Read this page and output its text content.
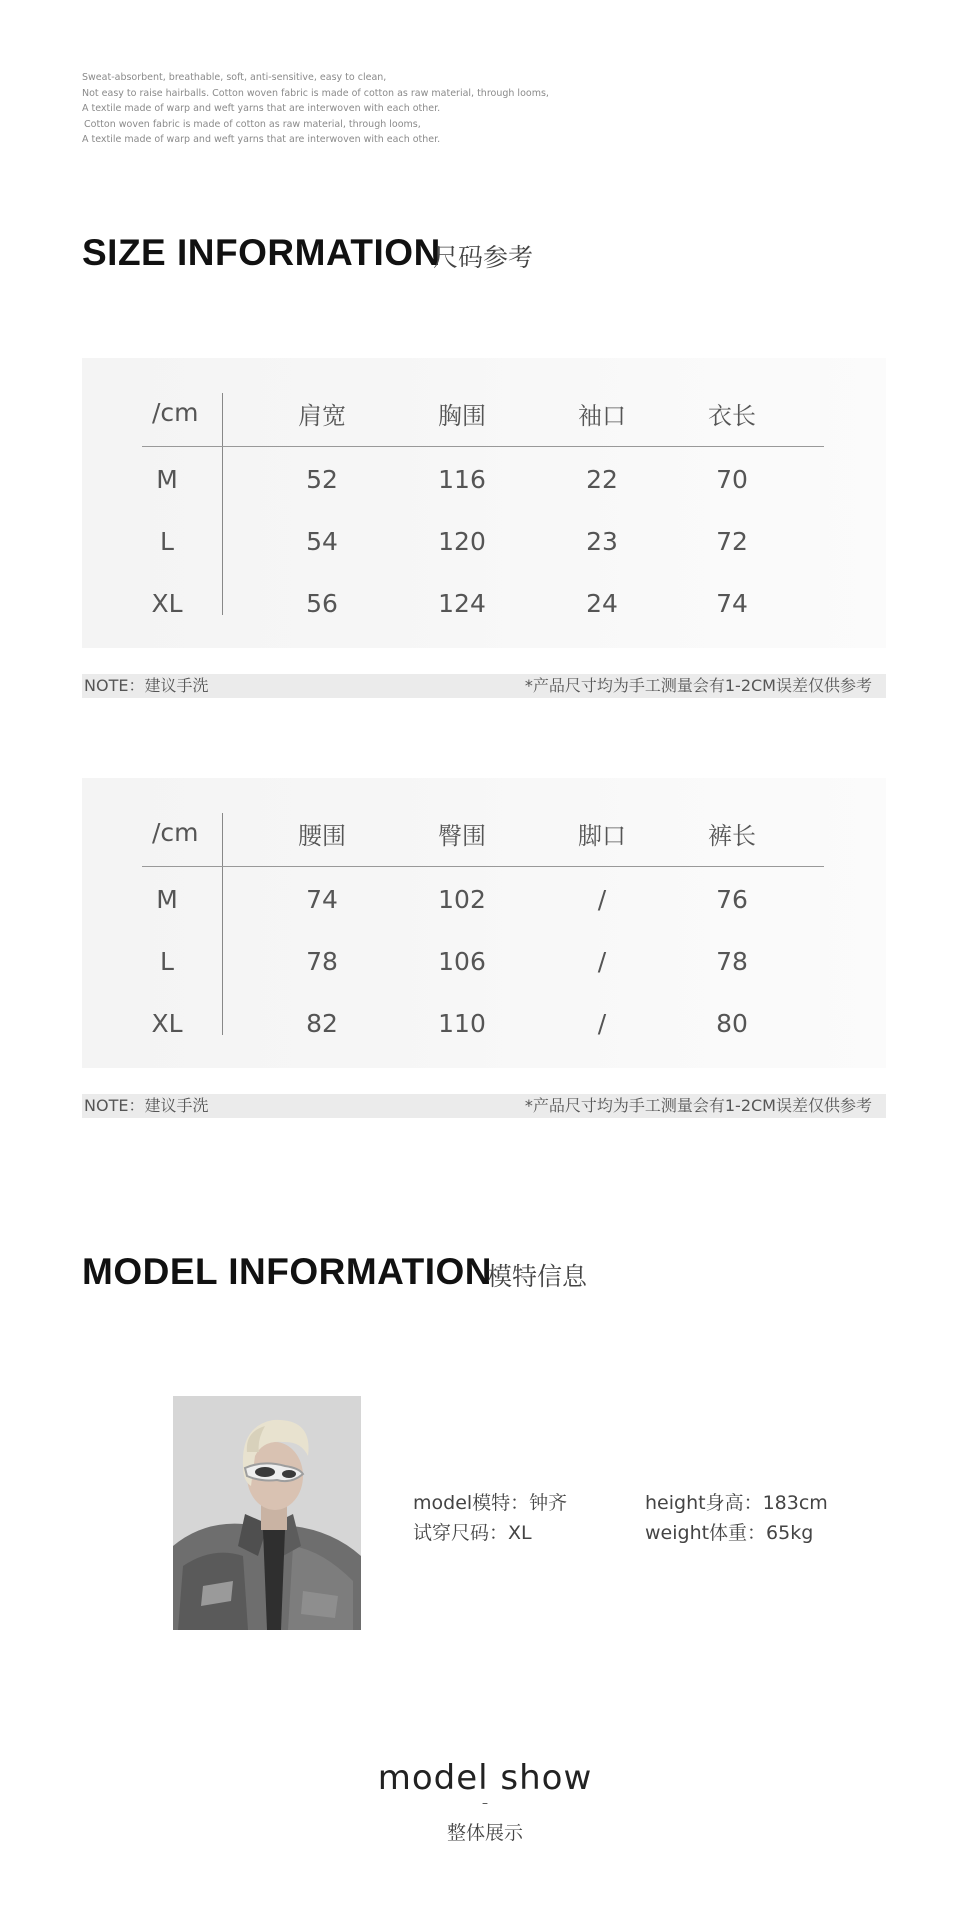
Sweat-absorbent, breathable, soft, anti-sensitive, easy to clean,

Not easy to raise hairballs. Cotton woven fabric is made of cotton as raw material, through looms,

A textile made of warp and weft yarns that are interwoven with each other.

Cotton woven fabric is made of cotton as raw material, through looms,

A textile made of warp and weft yarns that are interwoven with each other.

SIZE INFORMATION
尺码参考
/cm	肩宽	胸围	袖口	衣长
M	52	116	22	70
L	54	120	23	72
XL	56	124	24	74
NOTE：建议手洗	*产品尺寸均为手工测量会有1-2CM误差仅供参考
/cm	腰围	臀围	脚口	裤长
M	74	102	/	76
L	78	106	/	78
XL	82	110	/	80
NOTE：建议手洗	*产品尺寸均为手工测量会有1-2CM误差仅供参考
MODEL INFORMATION
模特信息
model模特：钟齐
试穿尺码：XL
height身高：183cm
weight体重：65kg
model show
–
整体展示
